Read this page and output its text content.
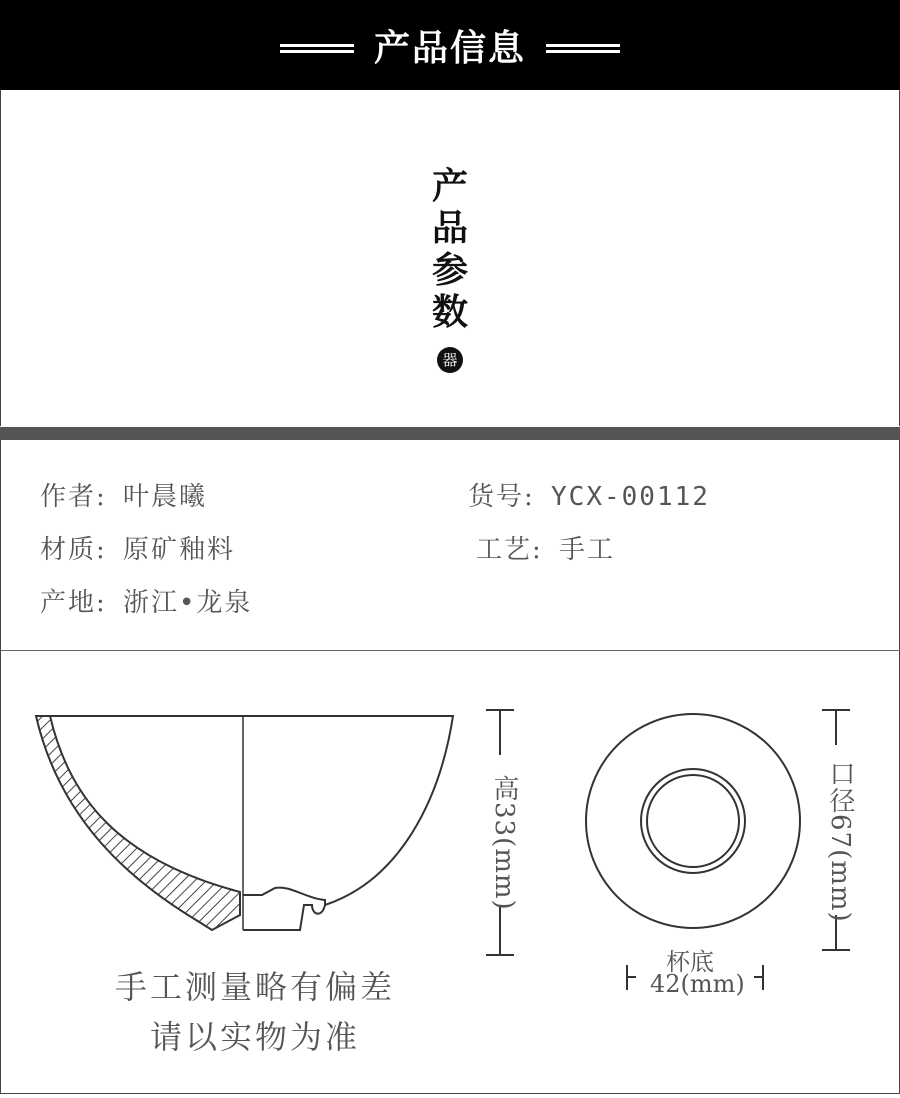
产品信息
产
品
参
数
器
作者: 叶晨曦
材质: 原矿釉料
产地: 浙江•龙泉
货号: YCX-00112
工艺: 手工
高33(mm)	口径67(mm)
杯底
42(mm)
手工测量略有偏差
请以实物为准
